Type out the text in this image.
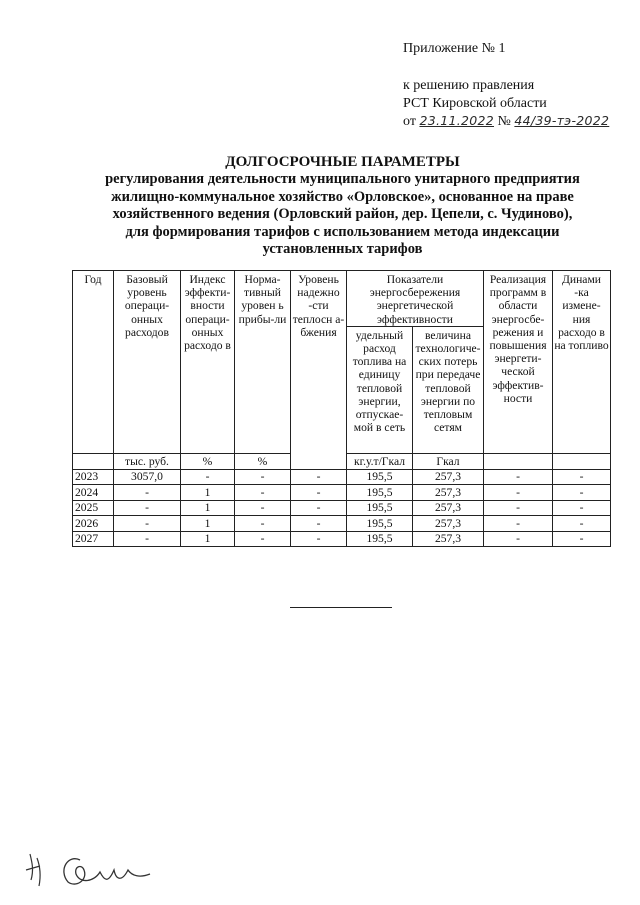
Приложение № 1
к решению правления
РСТ Кировской области
от 23.11.2022 № 44/39-тэ-2022
ДОЛГОСРОЧНЫЕ ПАРАМЕТРЫ
регулирования деятельности муниципального унитарного предприятия
жилищно-коммунальное хозяйство «Орловское», основанное на праве
хозяйственного ведения (Орловский район, дер. Цепели, с. Чудиново),
для формирования тарифов с использованием метода индексации
установленных тарифов
Год	Базовый уровень операци-онных расходов	Индекс эффекти-вности операци-онных расходо в	Норма-тивный уровен ь прибы-ли	Уровень надежно -сти теплосн а-бжения	Показатели энергосбережения энергетической эффективности		Реализация программ в области энергосбе-режения и повышения энергети-ческой эффектив-ности	Динами -ка измене-ния расходо в на топливо
					удельный расход топлива на единицу тепловой энергии, отпускае-мой в сеть	величина технологиче-ских потерь при передаче тепловой энергии по тепловым сетям		
	тыс. руб.	%	%		кг.у.т/Гкал	Гкал		
2023	3057,0	-	-	-	195,5	257,3	-	-
2024	-	1	-	-	195,5	257,3	-	-
2025	-	1	-	-	195,5	257,3	-	-
2026	-	1	-	-	195,5	257,3	-	-
2027	-	1	-	-	195,5	257,3	-	-
